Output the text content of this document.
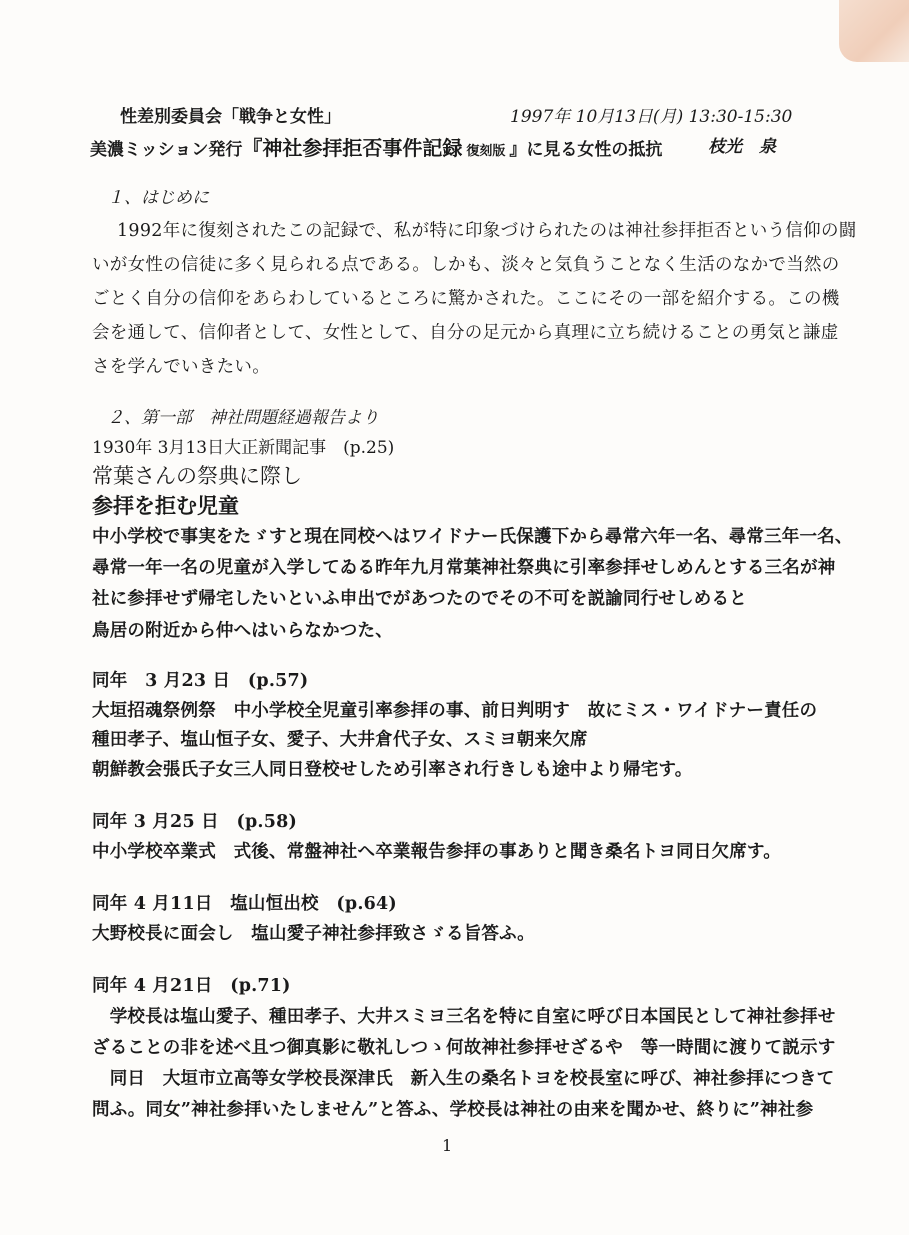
性差別委員会「戦争と女性」	1997年 10月13日(月) 13:30-15:30
美濃ミッション発行『神社参拝拒否事件記録 復刻版 』に見る女性の抵抗	枝光　泉
１、はじめに
1992年に復刻されたこの記録で、私が特に印象づけられたのは神社参拝拒否という信仰の闘
いが女性の信徒に多く見られる点である。しかも、淡々と気負うことなく生活のなかで当然の
ごとく自分の信仰をあらわしているところに驚かされた。ここにその一部を紹介する。この機
会を通して、信仰者として、女性として、自分の足元から真理に立ち続けることの勇気と謙虚
さを学んでいきたい。
２、第一部　神社問題経過報告より
1930年 3月13日大正新聞記事　(p.25)
常葉さんの祭典に際し
参拝を拒む児童
中小学校で事実をたゞすと現在同校へはワイドナー氏保護下から尋常六年一名、尋常三年一名、
尋常一年一名の児童が入学してゐる昨年九月常葉神社祭典に引率参拝せしめんとする三名が神
社に参拝せず帰宅したいといふ申出でがあつたのでその不可を説諭同行せしめると
鳥居の附近から仲へはいらなかつた、
同年　3 月23 日　(p.57)
大垣招魂祭例祭　中小学校全児童引率参拝の事、前日判明す　故にミス・ワイドナー責任の
種田孝子、塩山恒子女、愛子、大井倉代子女、スミヨ朝来欠席
朝鮮教会張氏子女三人同日登校せしため引率され行きしも途中より帰宅す。
同年 3 月25 日　(p.58)
中小学校卒業式　式後、常盤神社へ卒業報告参拝の事ありと聞き桑名トヨ同日欠席す。
同年 4 月11日　塩山恒出校　(p.64)
大野校長に面会し　塩山愛子神社参拝致さゞる旨答ふ。
同年 4 月21日　(p.71)
　学校長は塩山愛子、種田孝子、大井スミヨ三名を特に自室に呼び日本国民として神社参拝せ
ざることの非を述べ且つ御真影に敬礼しつゝ何故神社参拝せざるや　等一時間に渡りて説示す
　同日　大垣市立高等女学校長深津氏　新入生の桑名トヨを校長室に呼び、神社参拝につきて
問ふ。同女”神社参拝いたしません”と答ふ、学校長は神社の由来を聞かせ、終りに”神社参
1
